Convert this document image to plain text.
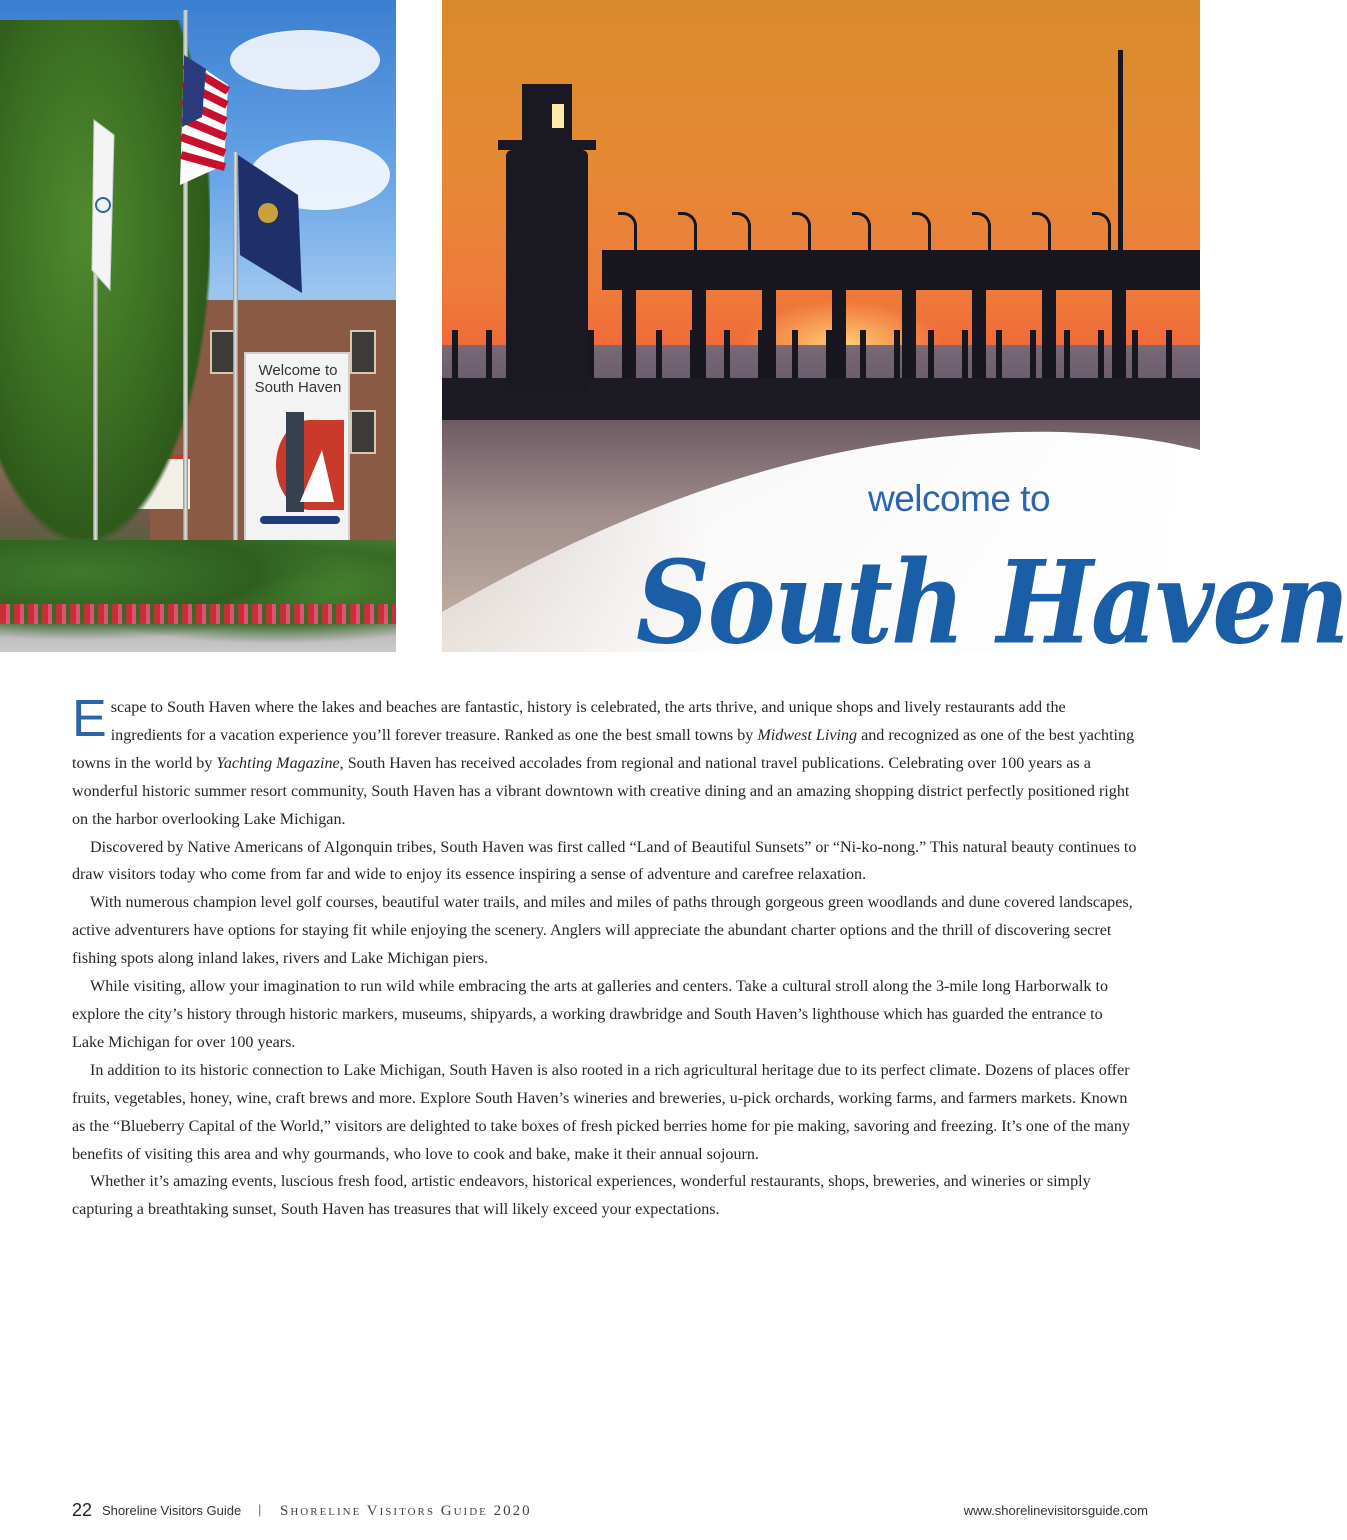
Welcome to South Haven
welcome to
South Haven

Escape to South Haven where the lakes and beaches are fantastic, history is celebrated, the arts thrive, and unique shops and lively restaurants add the ingredients for a vacation experience you’ll forever treasure. Ranked as one the best small towns by Midwest Living and recognized as one of the best yachting towns in the world by Yachting Magazine, South Haven has received accolades from regional and national travel publications. Celebrating over 100 years as a wonderful historic summer resort community, South Haven has a vibrant downtown with creative dining and an amazing shopping district perfectly positioned right on the harbor overlooking Lake Michigan.

Discovered by Native Americans of Algonquin tribes, South Haven was first called “Land of Beautiful Sunsets” or “Ni-ko-nong.” This natural beauty continues to draw visitors today who come from far and wide to enjoy its essence inspiring a sense of adventure and carefree relaxation.

With numerous champion level golf courses, beautiful water trails, and miles and miles of paths through gorgeous green woodlands and dune covered landscapes, active adventurers have options for staying fit while enjoying the scenery. Anglers will appreciate the abundant charter options and the thrill of discovering secret fishing spots along inland lakes, rivers and Lake Michigan piers.

While visiting, allow your imagination to run wild while embracing the arts at galleries and centers. Take a cultural stroll along the 3-mile long Harborwalk to explore the city’s history through historic markers, museums, shipyards, a working drawbridge and South Haven’s lighthouse which has guarded the entrance to Lake Michigan for over 100 years.

In addition to its historic connection to Lake Michigan, South Haven is also rooted in a rich agricultural heritage due to its perfect climate. Dozens of places offer fruits, vegetables, honey, wine, craft brews and more. Explore South Haven’s wineries and breweries, u-pick orchards, working farms, and farmers markets. Known as the “Blueberry Capital of the World,” visitors are delighted to take boxes of fresh picked berries home for pie making, savoring and freezing. It’s one of the many benefits of visiting this area and why gourmands, who love to cook and bake, make it their annual sojourn.

Whether it’s amazing events, luscious fresh food, artistic endeavors, historical experiences, wonderful restaurants, shops, breweries, and wineries or simply capturing a breathtaking sunset, South Haven has treasures that will likely exceed your expectations.

22 Shoreline Visitors Guide | Shoreline Visitors Guide 2020	www.shorelinevisitorsguide.com
